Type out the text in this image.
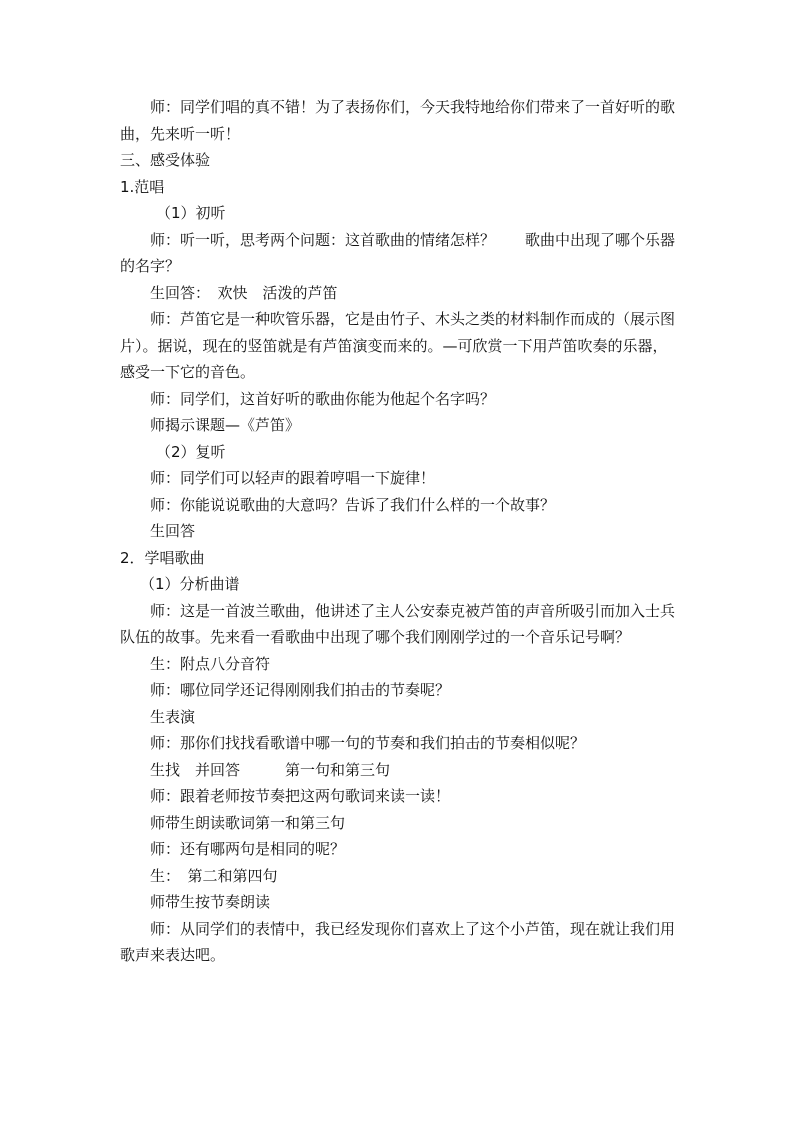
师：同学们唱的真不错！为了表扬你们，今天我特地给你们带来了一首好听的歌曲，先来听一听！

三、感受体验

1.范唱

（1）初听

师：听一听，思考两个问题：这首歌曲的情绪怎样？　　歌曲中出现了哪个乐器的名字？

生回答：　欢快　活泼的芦笛

师：芦笛它是一种吹管乐器，它是由竹子、木头之类的材料制作而成的（展示图片）。据说，现在的竖笛就是有芦笛演变而来的。—可欣赏一下用芦笛吹奏的乐器，感受一下它的音色。

师：同学们，这首好听的歌曲你能为他起个名字吗？

师揭示课题—《芦笛》

（2）复听

师：同学们可以轻声的跟着哼唱一下旋律！

师：你能说说歌曲的大意吗？告诉了我们什么样的一个故事？

生回答

2．学唱歌曲

（1）分析曲谱

师：这是一首波兰歌曲，他讲述了主人公安泰克被芦笛的声音所吸引而加入士兵队伍的故事。先来看一看歌曲中出现了哪个我们刚刚学过的一个音乐记号啊？

生：附点八分音符

师：哪位同学还记得刚刚我们拍击的节奏呢？

生表演

师：那你们找找看歌谱中哪一句的节奏和我们拍击的节奏相似呢？

生找　并回答　　　第一句和第三句

师：跟着老师按节奏把这两句歌词来读一读！

师带生朗读歌词第一和第三句

师：还有哪两句是相同的呢？

生：　第二和第四句

师带生按节奏朗读

师：从同学们的表情中，我已经发现你们喜欢上了这个小芦笛，现在就让我们用歌声来表达吧。
